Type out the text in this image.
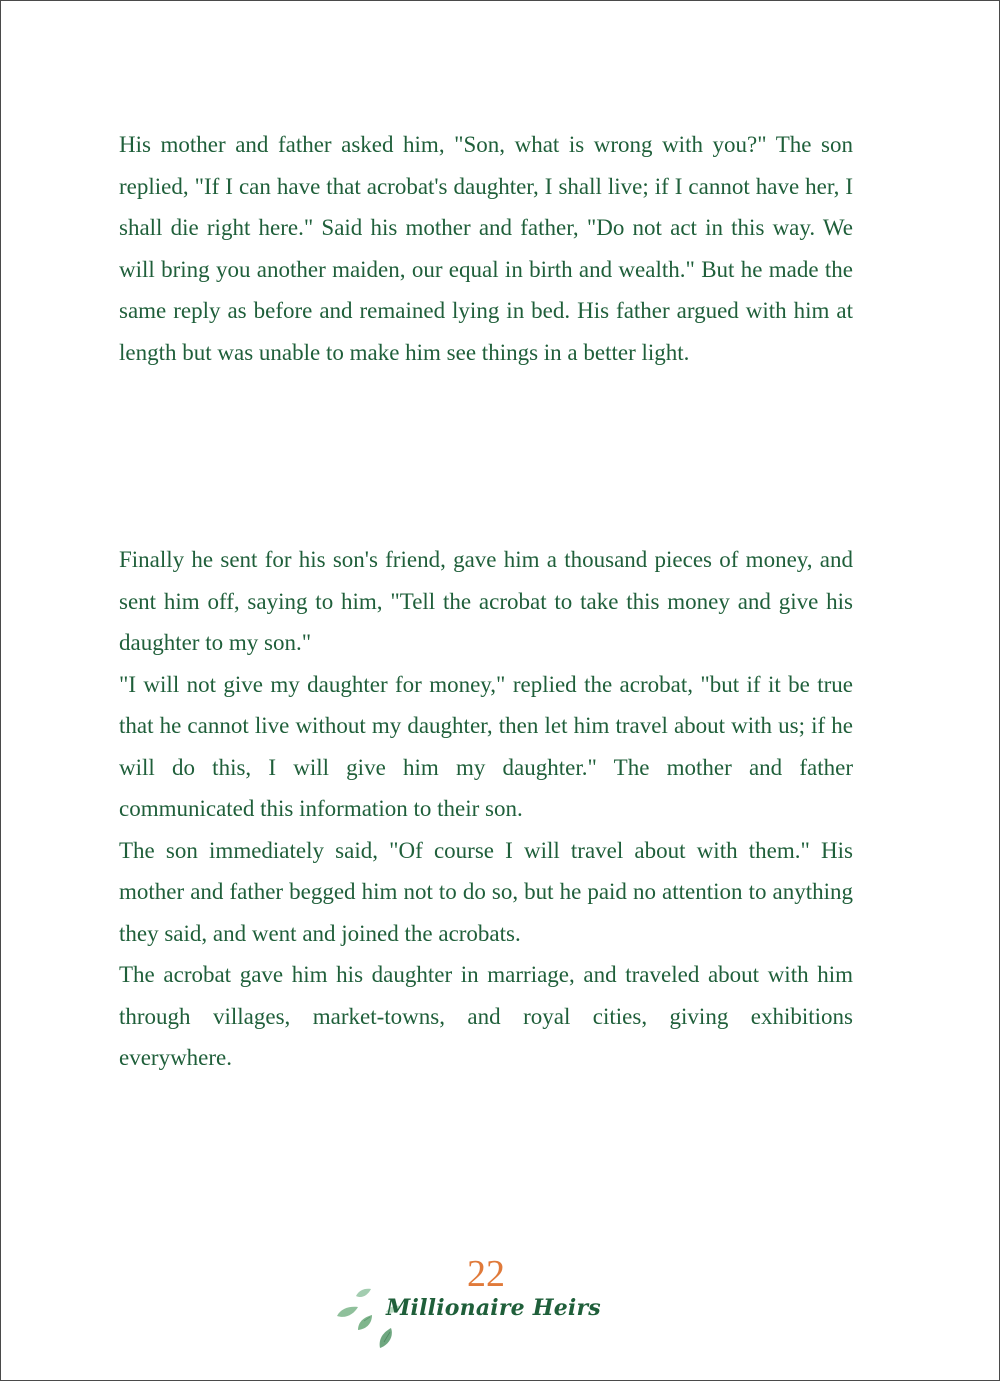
His mother and father asked him, "Son, what is wrong with you?" The son replied, "If I can have that acrobat's daughter, I shall live; if I cannot have her, I shall die right here." Said his mother and father, "Do not act in this way. We will bring you another maiden, our equal in birth and wealth." But he made the same reply as before and remained lying in bed. His father argued with him at length but was unable to make him see things in a better light.

Finally he sent for his son's friend, gave him a thousand pieces of money, and sent him off, saying to him, "Tell the acrobat to take this money and give his daughter to my son."

"I will not give my daughter for money," replied the acrobat, "but if it be true that he cannot live without my daughter, then let him travel about with us; if he will do this, I will give him my daughter." The mother and father communicated this information to their son.

The son immediately said, "Of course I will travel about with them." His mother and father begged him not to do so, but he paid no attention to anything they said, and went and joined the acrobats.

The acrobat gave him his daughter in marriage, and traveled about with him through villages, market-towns, and royal cities, giving exhibitions everywhere.

22
Millionaire Heirs
